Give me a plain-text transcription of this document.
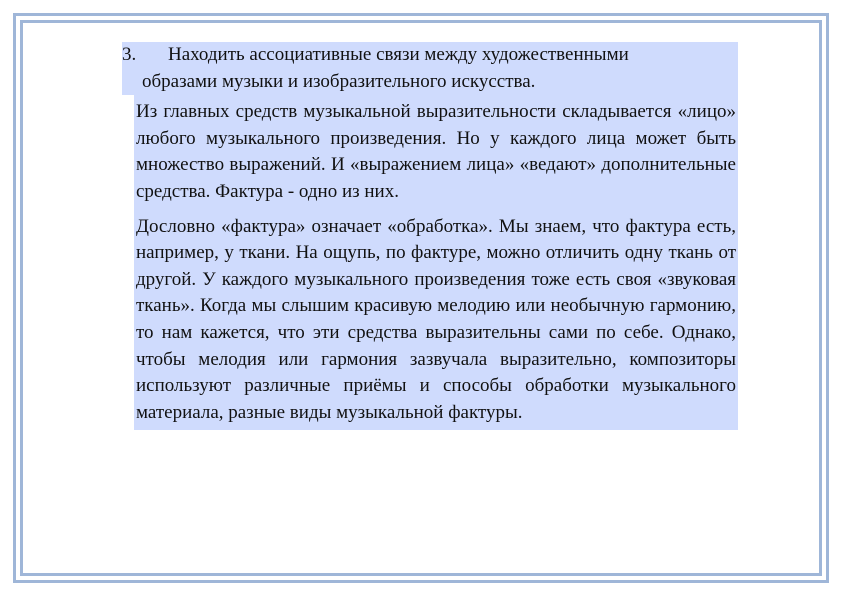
3. Находить ассоциативные связи между художественными
образами музыки и изобразительного искусства.

Из главных средств музыкальной выразительности складывается «лицо» любого музыкального произведения. Но у каждого лица может быть множество выражений. И «выражением лица» «ведают» дополнительные средства. Фактура - одно из них.

Дословно «фактура» означает «обработка». Мы знаем, что фактура есть, например, у ткани. На ощупь, по фактуре, можно отличить одну ткань от другой. У каждого музыкального произведения тоже есть своя «звуковая ткань». Когда мы слышим красивую мелодию или необычную гармонию, то нам кажется, что эти средства выразительны сами по себе. Однако, чтобы мелодия или гармония зазвучала выразительно, композиторы используют различные приёмы и способы обработки музыкального материала, разные виды музыкальной фактуры.
